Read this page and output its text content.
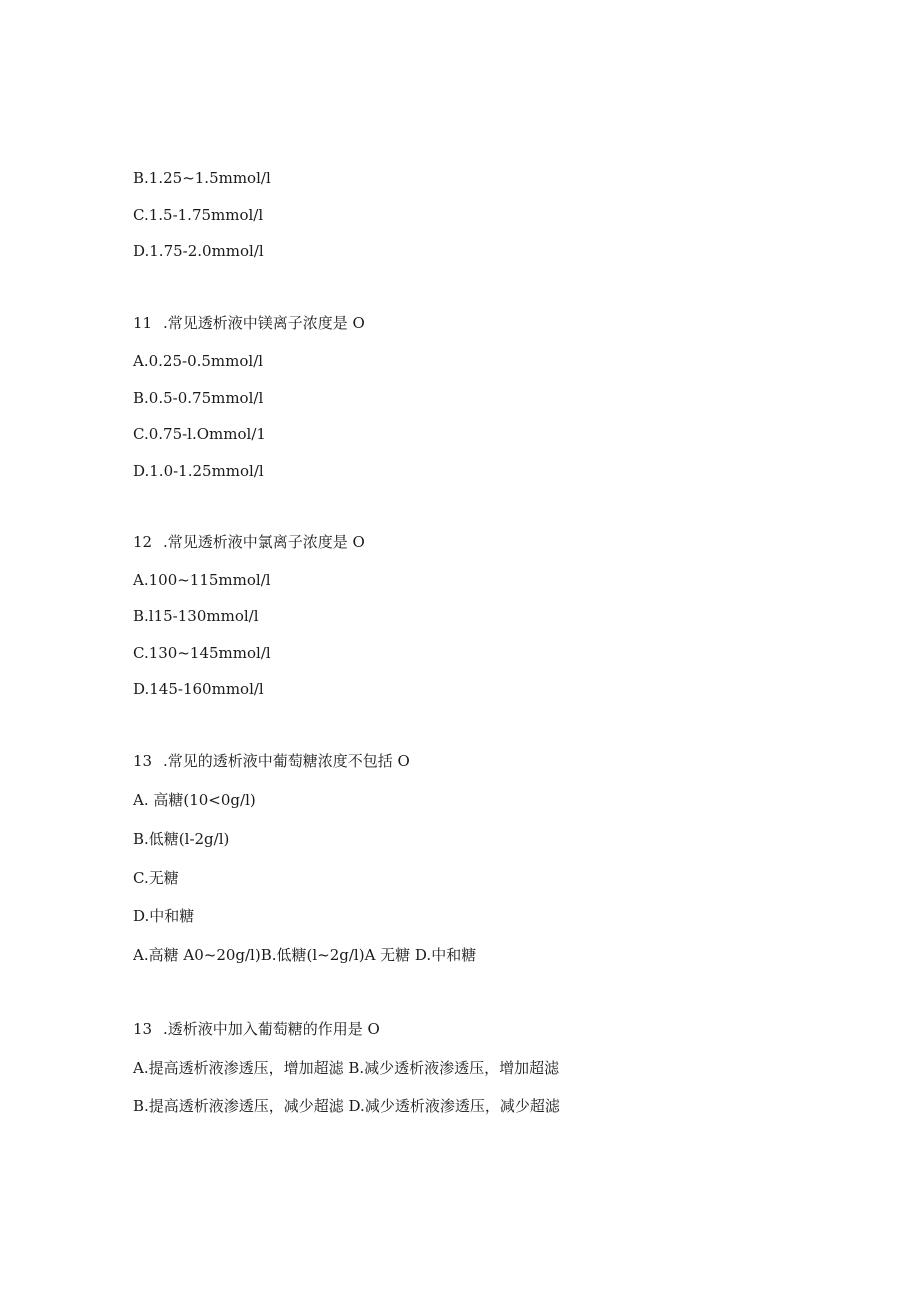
B.1.25~1.5mmol/l
C.1.5-1.75mmol/l
D.1.75-2.0mmol/l
11 .常见透析液中镁离子浓度是 O
A.0.25-0.5mmol/l
B.0.5-0.75mmol/l
C.0.75-l.Ommol/1
D.1.0-1.25mmol/l
12 .常见透析液中氯离子浓度是 O
A.100~115mmol/l
B.l15-130mmol/l
C.130~145mmol/l
D.145-160mmol/l
13 .常见的透析液中葡萄糖浓度不包括 O
A. 高糖(10<0g/l)
B.低糖(l-2g/l)
C.无糖
D.中和糖
A.高糖 A0~20g/l)B.低糖(l~2g/l)A 无糖 D.中和糖
13 .透析液中加入葡萄糖的作用是 O
A.提高透析液渗透压，增加超滤 B.减少透析液渗透压，增加超滤
B.提高透析液渗透压，减少超滤 D.减少透析液渗透压，减少超滤
